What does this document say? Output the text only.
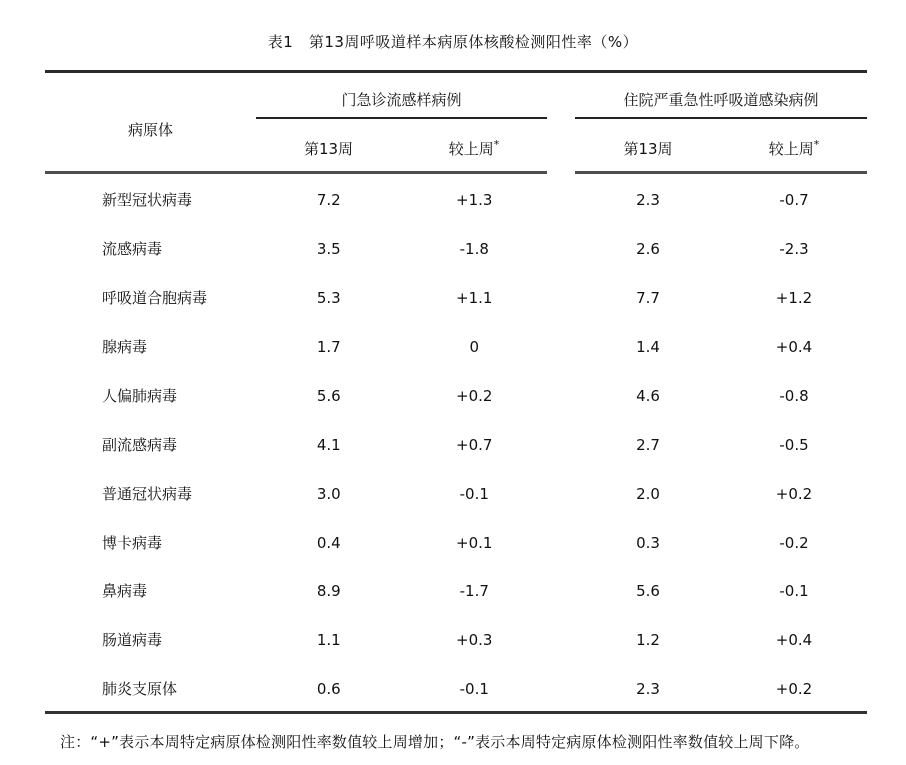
表1　第13周呼吸道样本病原体核酸检测阳性率（%）
病原体
门急诊流感样病例	住院严重急性呼吸道感染病例
第13周	较上周*	第13周	较上周*
新型冠状病毒	7.2	+1.3	2.3	-0.7
流感病毒	3.5	-1.8	2.6	-2.3
呼吸道合胞病毒	5.3	+1.1	7.7	+1.2
腺病毒	1.7	0	1.4	+0.4
人偏肺病毒	5.6	+0.2	4.6	-0.8
副流感病毒	4.1	+0.7	2.7	-0.5
普通冠状病毒	3.0	-0.1	2.0	+0.2
博卡病毒	0.4	+0.1	0.3	-0.2
鼻病毒	8.9	-1.7	5.6	-0.1
肠道病毒	1.1	+0.3	1.2	+0.4
肺炎支原体	0.6	-0.1	2.3	+0.2
注：“+”表示本周特定病原体检测阳性率数值较上周增加；“-”表示本周特定病原体检测阳性率数值较上周下降。
